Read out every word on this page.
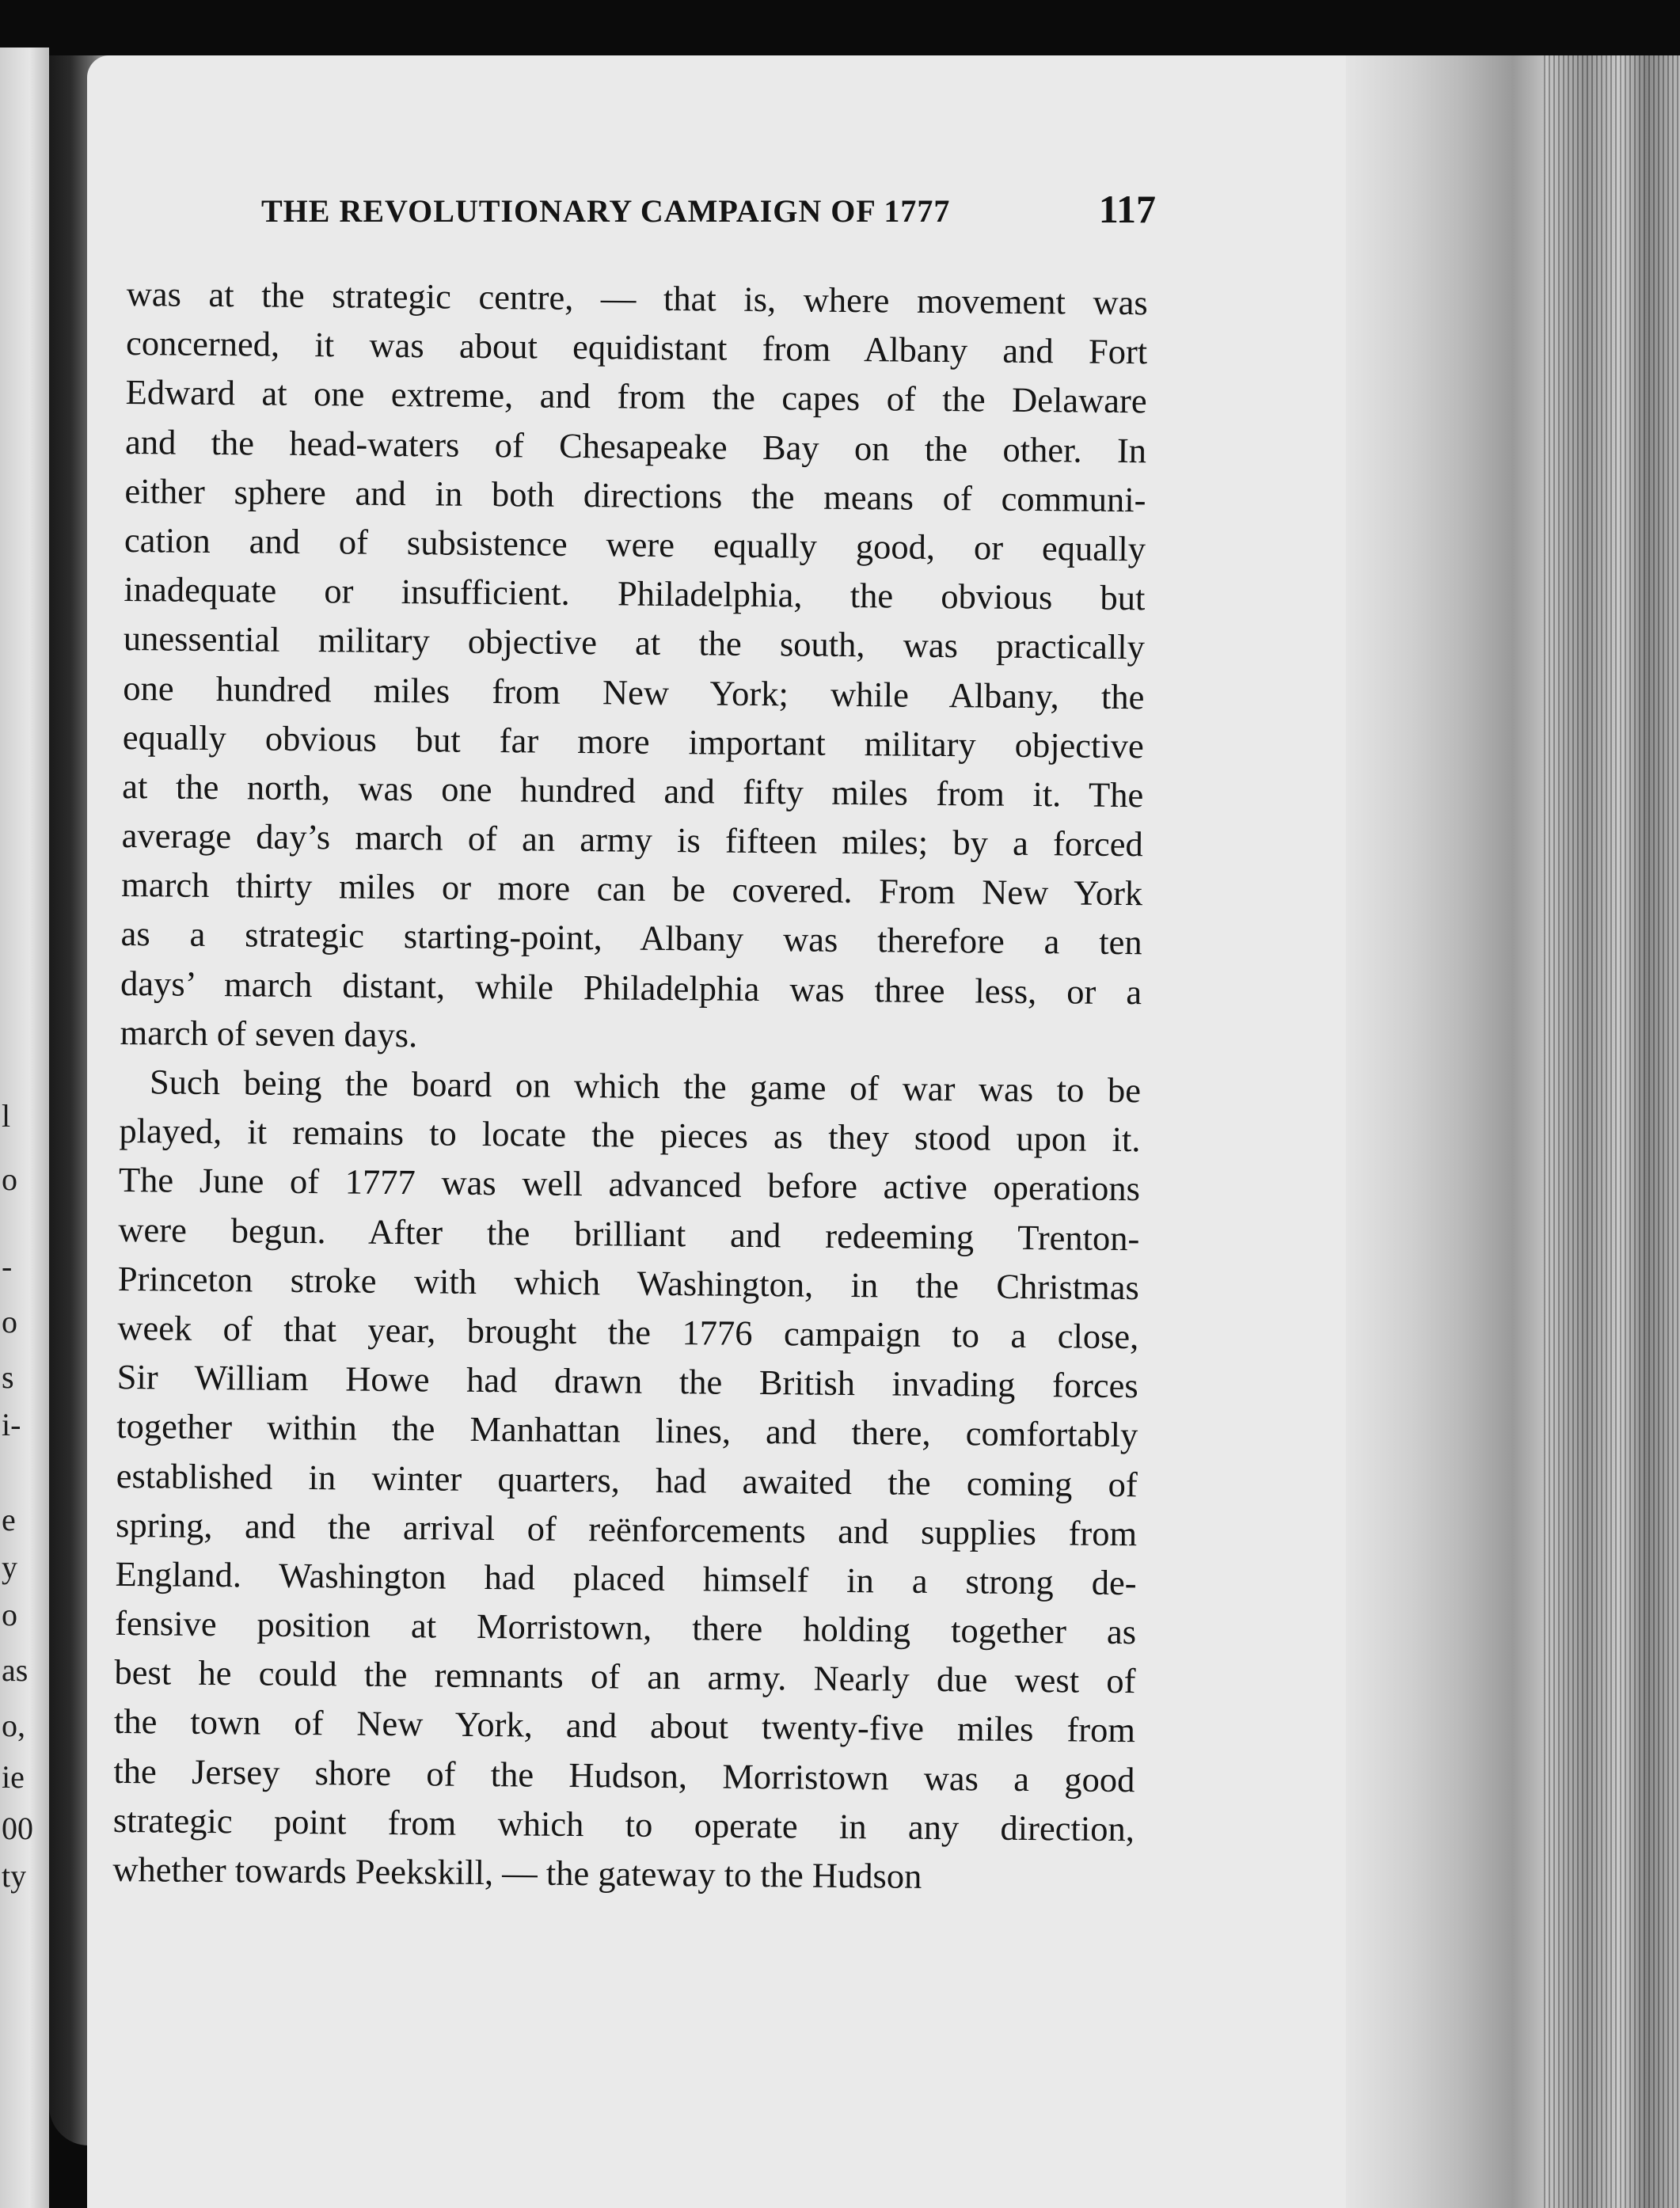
l
o
-
o
s
i-
e
y
o
as
o,
ie
00
ty
THE REVOLUTIONARY CAMPAIGN OF 1777	117
was at the strategic centre, — that is, where movement was
concerned, it was about equidistant from Albany and Fort
Edward at one extreme, and from the capes of the Delaware
and the head-waters of Chesapeake Bay on the other. In
either sphere and in both directions the means of communi-
cation and of subsistence were equally good, or equally
inadequate or insufficient. Philadelphia, the obvious but
unessential military objective at the south, was practically
one hundred miles from New York; while Albany, the
equally obvious but far more important military objective
at the north, was one hundred and fifty miles from it. The
average day’s march of an army is fifteen miles; by a forced
march thirty miles or more can be covered. From New York
as a strategic starting-point, Albany was therefore a ten
days’ march distant, while Philadelphia was three less, or a
march of seven days.
Such being the board on which the game of war was to be
played, it remains to locate the pieces as they stood upon it.
The June of 1777 was well advanced before active operations
were begun. After the brilliant and redeeming Trenton-
Princeton stroke with which Washington, in the Christmas
week of that year, brought the 1776 campaign to a close,
Sir William Howe had drawn the British invading forces
together within the Manhattan lines, and there, comfortably
established in winter quarters, had awaited the coming of
spring, and the arrival of reënforcements and supplies from
England. Washington had placed himself in a strong de-
fensive position at Morristown, there holding together as
best he could the remnants of an army. Nearly due west of
the town of New York, and about twenty-five miles from
the Jersey shore of the Hudson, Morristown was a good
strategic point from which to operate in any direction,
whether towards Peekskill, — the gateway to the Hudson
